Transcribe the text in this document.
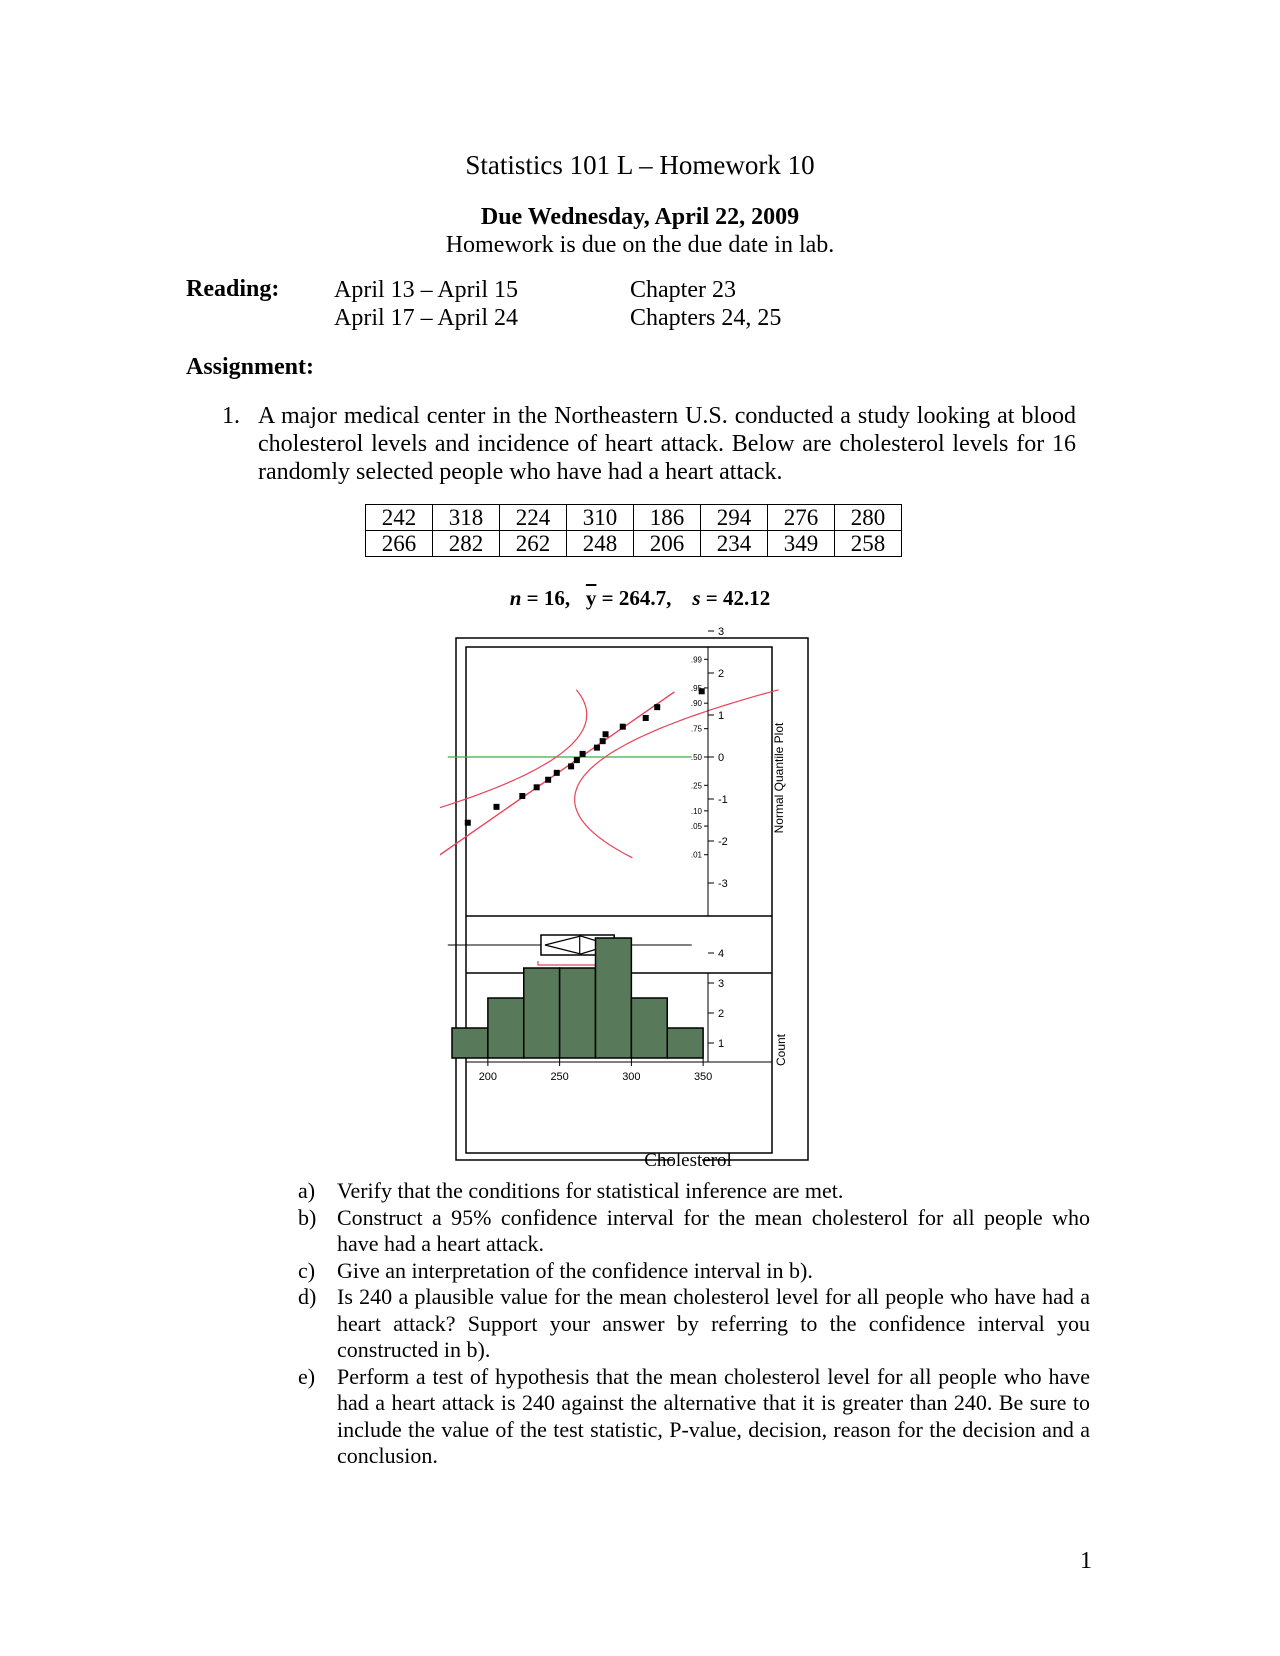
Statistics 101 L – Homework 10
Due Wednesday, April 22, 2009
Homework is due on the due date in lab.
Reading: April 13 – April 15	Chapter 23
April 17 – April 24	Chapters 24, 25
Assignment:
1. A major medical center in the Northeastern U.S. conducted a study looking at blood cholesterol levels and incidence of heart attack. Below are cholesterol levels for 16 randomly selected people who have had a heart attack.
242	318	224	310	186	294	276	280
266	282	262	248	206	234	349	258
n = 16, $\overline{y} = 264.7$, s = 42.12
3
2
1
0
-1
-2
-3
.99
.95
.90
.75
.50
.25
.10
.05
.01
1
2
3
4
200	250	300	350
Normal Quantile Plot
Count
Cholesterol
a) Verify that the conditions for statistical inference are met.
b) Construct a 95% confidence interval for the mean cholesterol for all people who have had a heart attack.
c) Give an interpretation of the confidence interval in b).
d) Is 240 a plausible value for the mean cholesterol level for all people who have had a heart attack? Support your answer by referring to the confidence interval you constructed in b).
e) Perform a test of hypothesis that the mean cholesterol level for all people who have had a heart attack is 240 against the alternative that it is greater than 240. Be sure to include the value of the test statistic, P-value, decision, reason for the decision and a conclusion.
1
